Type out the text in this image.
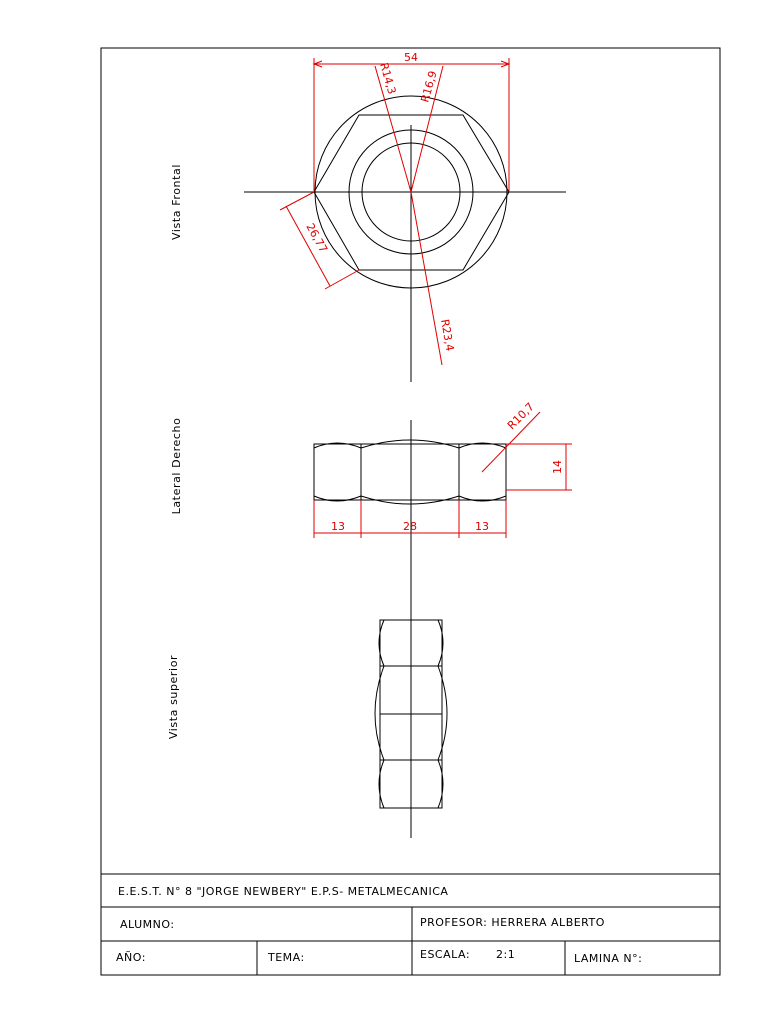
Vista Frontal
Lateral Derecho
Vista superior
54
R14,3 R16,9
R23,4
26,77
R10,7
14
13	28	13
E.E.S.T. N° 8 "JORGE NEWBERY" E.P.S- METALMECANICA
ALUMNO:	PROFESOR: HERRERA ALBERTO
AÑO:	TEMA:	ESCALA: 2:1	LAMINA N°:
